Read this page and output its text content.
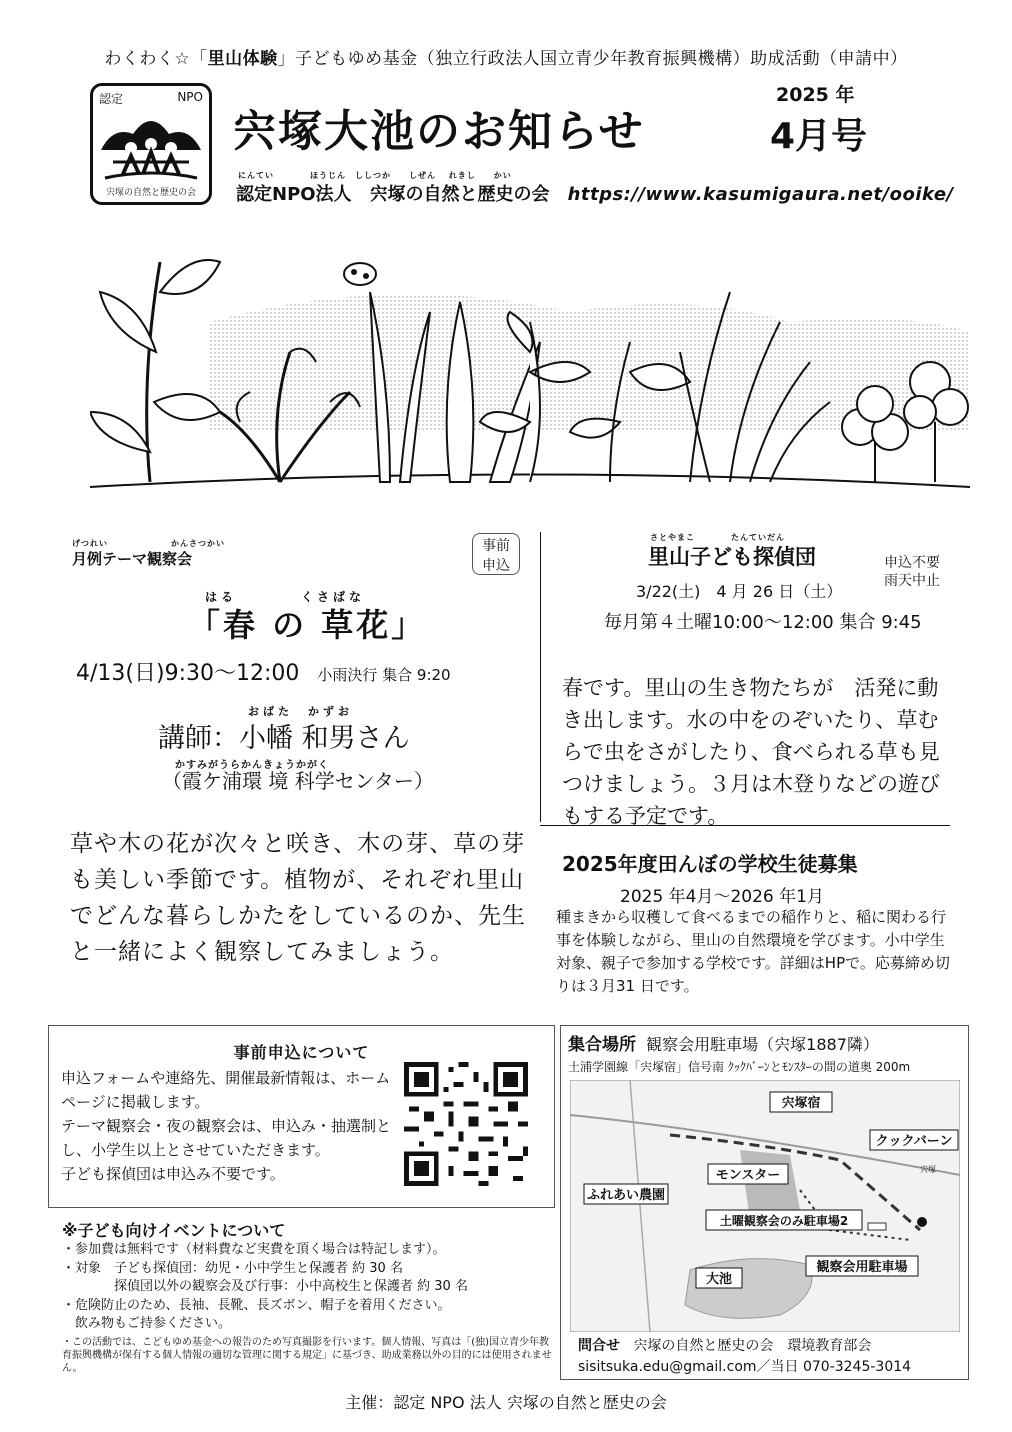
わくわく☆「里山体験」子どもゆめ基金（独立行政法人国立青少年教育振興機構）助成活動（申請中）
認定	NPO
宍塚の自然と歴史の会
宍塚大池のお知らせ
2025 年
4月号
にんてい　　　　ほうじん　ししつか　　しぜん　 れきし　　かい
認定NPO法人　宍塚の自然と歴史の会 https://www.kasumigaura.net/ooike/
げつれい　　　　　　　かんさつかい
月例テーマ観察会
事前
申込
はる　　　　くさばな
「春 の 草花」
4/13(日)9:30〜12:00 小雨決行 集合 9:20
おばた　かずお
講師：小幡 和男さん
かすみがうらかんきょうかがく
（霞ケ浦環 境 科学センター）
草や木の花が次々と咲き、木の芽、草の芽も美しい季節です。植物が、それぞれ里山でどんな暮らしかたをしているのか、先生と一緒によく観察してみましょう。
さとやまこ　　　　たんていだん
里山子ども探偵団	申込不要
雨天中止
3/22(土)　4 月 26 日（土）
毎月第４土曜10:00〜12:00 集合 9:45
春です。里山の生き物たちが　活発に動き出します。水の中をのぞいたり、草むらで虫をさがしたり、食べられる草も見つけましょう。３月は木登りなどの遊びもする予定です。
2025年度田んぼの学校生徒募集
2025 年4月〜2026 年1月
種まきから収穫して食べるまでの稲作りと、稲に関わる行事を体験しながら、里山の自然環境を学びます。小中学生対象、親子で参加する学校です。詳細はHPで。応募締め切りは３月31 日です。
事前申込について
申込フォームや連絡先、開催最新情報は、ホームページに掲載します。
テーマ観察会・夜の観察会は、申込み・抽選制とし、小学生以上とさせていただきます。
子ども探偵団は申込み不要です。
※子ども向けイベントについて
・参加費は無料です（材料費など実費を頂く場合は特記します）。
・対象　子ども探偵団：幼児・小中学生と保護者 約 30 名
　　　　探偵団以外の観察会及び行事：小中高校生と保護者 約 30 名
・危険防止のため、長袖、長靴、長ズボン、帽子を着用ください。
　飲み物もご持参ください。
・この活動では、こどもゆめ基金への報告のため写真撮影を行います。個人情報、写真は「(独)国立青少年教育振興機構が保有する個人情報の適切な管理に関する規定」に基づき、助成業務以外の目的には使用されません。
集合場所 観察会用駐車場（宍塚1887隣）
土浦学園線「宍塚宿」信号南 ｸｯｸﾊﾞｰﾝとﾓﾝｽﾀｰの間の道奥 200m
宍塚宿
クックバーン
モンスター
ふれあい農園
土曜観察会のみ駐車場2
大池
観察会用駐車場
宍塚
問合せ 宍塚の自然と歴史の会　環境教育部会
sisitsuka.edu@gmail.com／当日 070-3245-3014
主催：認定 NPO 法人 宍塚の自然と歴史の会
